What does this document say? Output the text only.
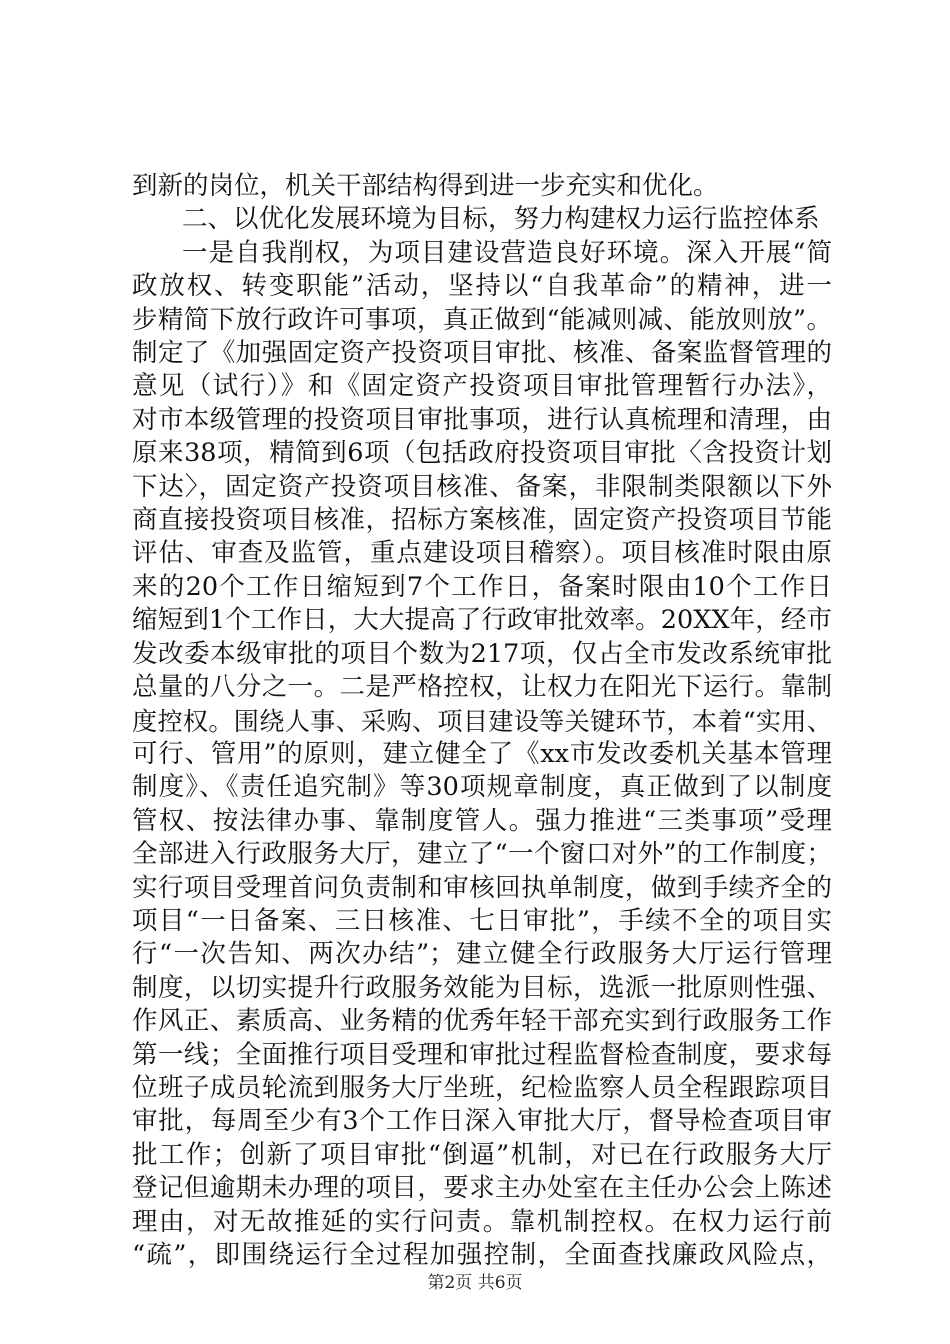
到新的岗位，机关干部结构得到进一步充实和优化。
二、以优化发展环境为目标，努力构建权力运行监控体系
一是自我削权，为项目建设营造良好环境。深入开展“简
政放权、转变职能”活动，坚持以“自我革命”的精神，进一
步精简下放行政许可事项，真正做到“能减则减、能放则放”。
制定了《加强固定资产投资项目审批、核准、备案监督管理的
意见（试行）》和《固定资产投资项目审批管理暂行办法》，
对市本级管理的投资项目审批事项，进行认真梳理和清理，由
原来38项，精简到6项（包括政府投资项目审批〈含投资计划
下达〉，固定资产投资项目核准、备案，非限制类限额以下外
商直接投资项目核准，招标方案核准，固定资产投资项目节能
评估、审查及监管，重点建设项目稽察）。项目核准时限由原
来的20个工作日缩短到7个工作日，备案时限由10个工作日
缩短到1个工作日，大大提高了行政审批效率。20XX年，经市
发改委本级审批的项目个数为217项，仅占全市发改系统审批
总量的八分之一。二是严格控权，让权力在阳光下运行。靠制
度控权。围绕人事、采购、项目建设等关键环节，本着“实用、
可行、管用”的原则，建立健全了《xx市发改委机关基本管理
制度》、《责任追究制》等30项规章制度，真正做到了以制度
管权、按法律办事、靠制度管人。强力推进“三类事项”受理
全部进入行政服务大厅，建立了“一个窗口对外”的工作制度；
实行项目受理首问负责制和审核回执单制度，做到手续齐全的
项目“一日备案、三日核准、七日审批”，手续不全的项目实
行“一次告知、两次办结”；建立健全行政服务大厅运行管理
制度，以切实提升行政服务效能为目标，选派一批原则性强、
作风正、素质高、业务精的优秀年轻干部充实到行政服务工作
第一线；全面推行项目受理和审批过程监督检查制度，要求每
位班子成员轮流到服务大厅坐班，纪检监察人员全程跟踪项目
审批，每周至少有3个工作日深入审批大厅，督导检查项目审
批工作；创新了项目审批“倒逼”机制，对已在行政服务大厅
登记但逾期未办理的项目，要求主办处室在主任办公会上陈述
理由，对无故推延的实行问责。靠机制控权。在权力运行前
“疏”，即围绕运行全过程加强控制，全面查找廉政风险点，
第2页 共6页
